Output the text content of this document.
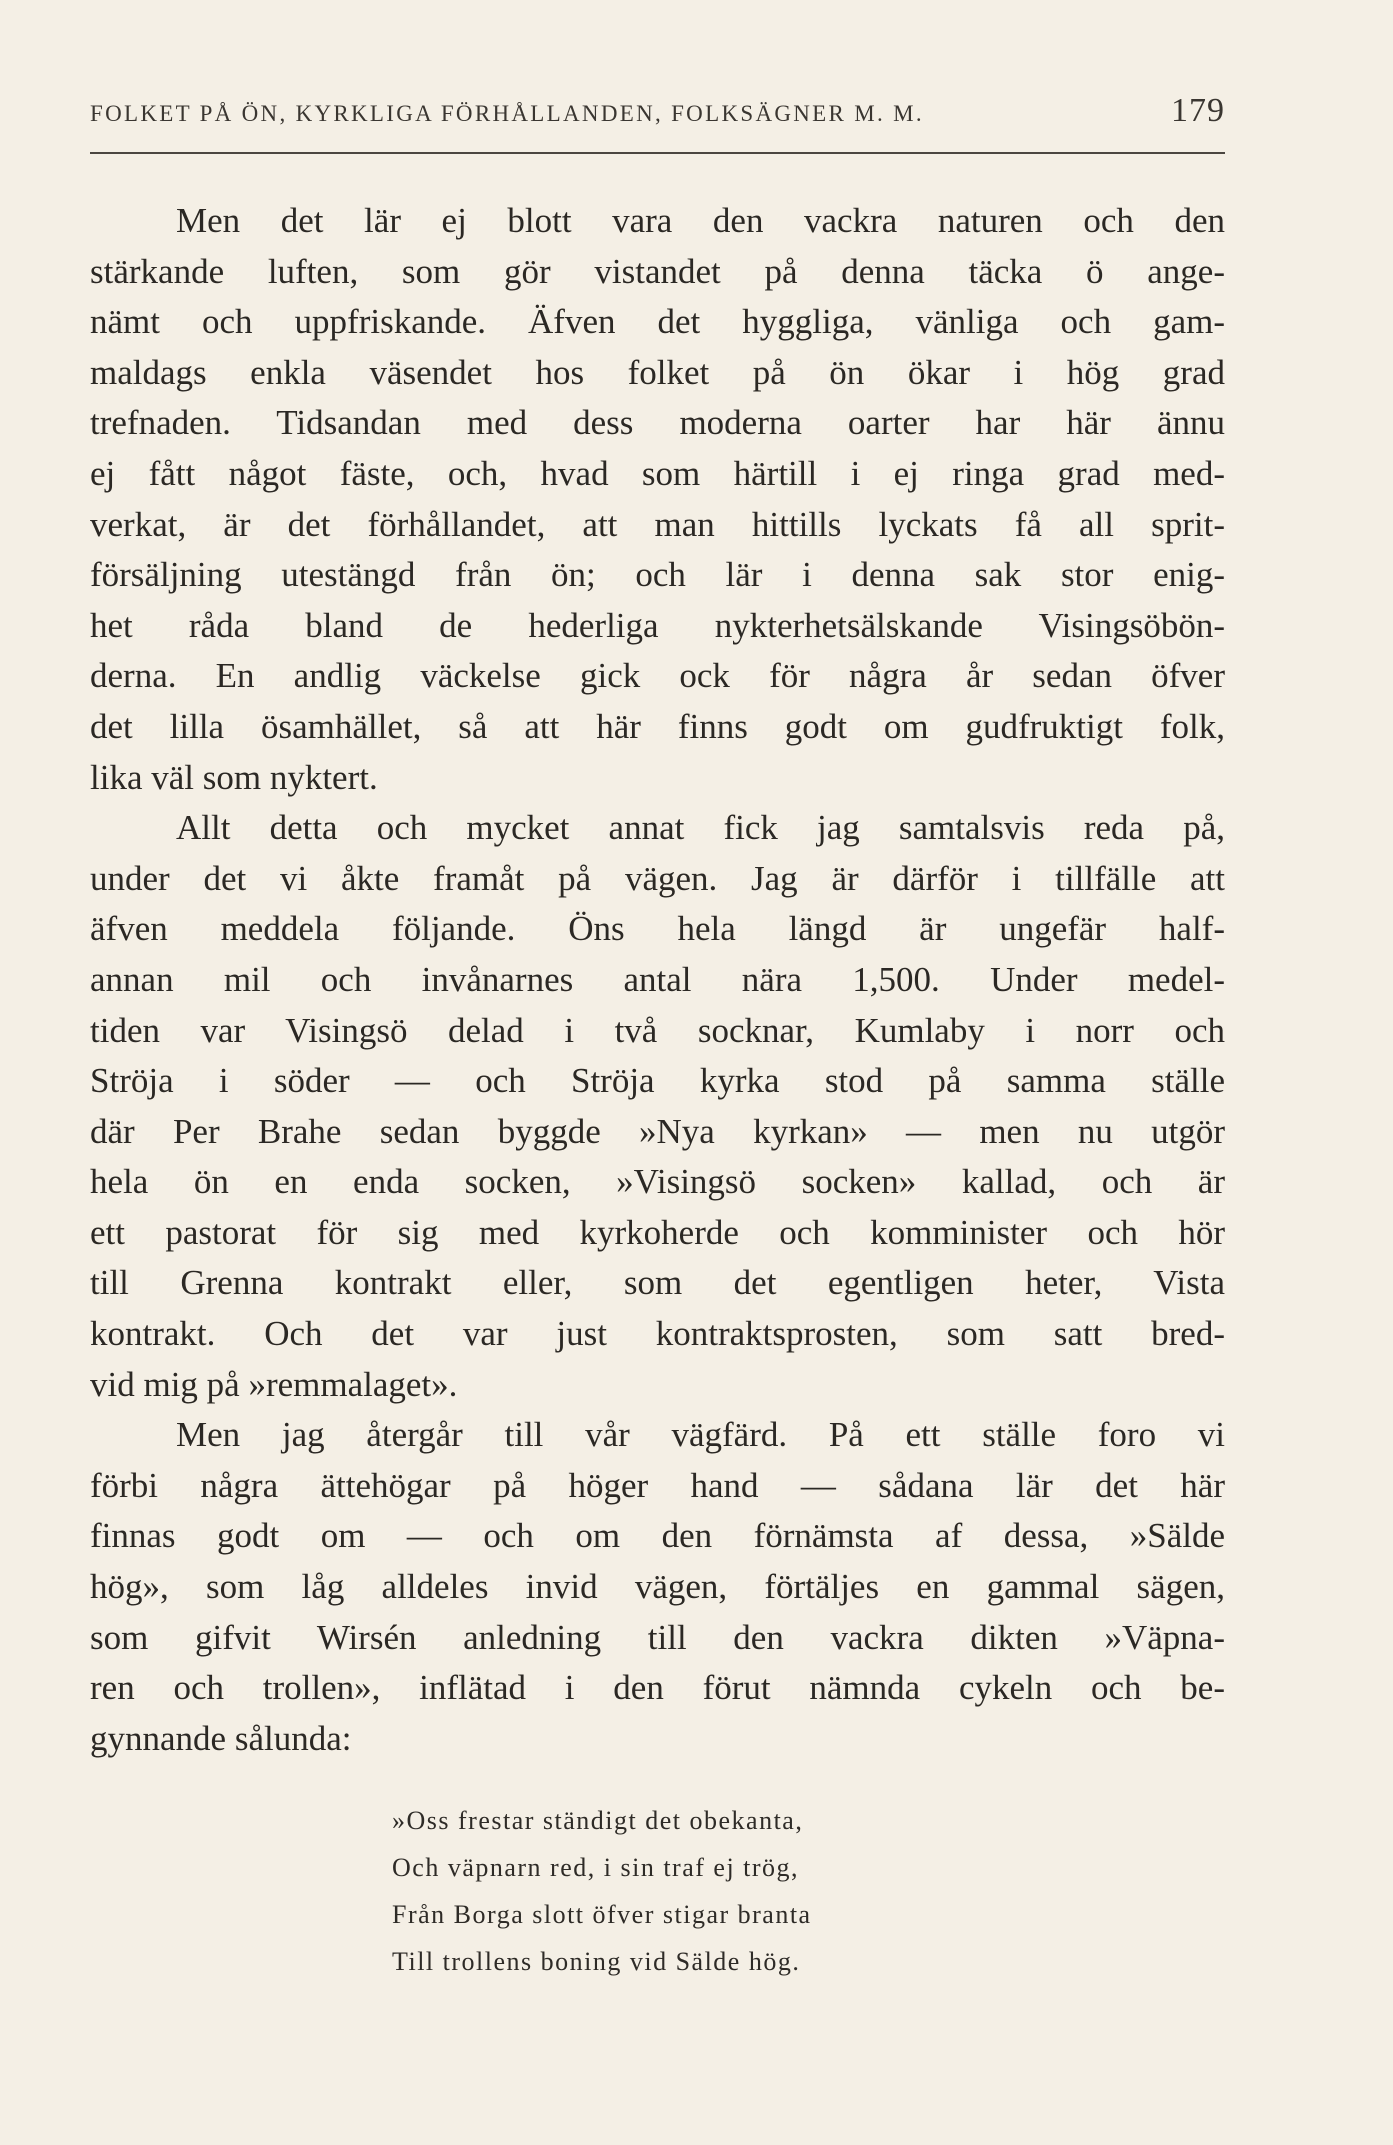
FOLKET PÅ ÖN, KYRKLIGA FÖRHÅLLANDEN, FOLKSÄGNER M. M.	179
Men det lär ej blott vara den vackra naturen och den
stärkande luften, som gör vistandet på denna täcka ö ange-
nämt och uppfriskande. Äfven det hyggliga, vänliga och gam-
maldags enkla väsendet hos folket på ön ökar i hög grad
trefnaden. Tidsandan med dess moderna oarter har här ännu
ej fått något fäste, och, hvad som härtill i ej ringa grad med-
verkat, är det förhållandet, att man hittills lyckats få all sprit-
försäljning utestängd från ön; och lär i denna sak stor enig-
het råda bland de hederliga nykterhetsälskande Visingsöbön-
derna. En andlig väckelse gick ock för några år sedan öfver
det lilla ösamhället, så att här finns godt om gudfruktigt folk,
lika väl som nyktert.
Allt detta och mycket annat fick jag samtalsvis reda på,
under det vi åkte framåt på vägen. Jag är därför i tillfälle att
äfven meddela följande. Öns hela längd är ungefär half-
annan mil och invånarnes antal nära 1,500. Under medel-
tiden var Visingsö delad i två socknar, Kumlaby i norr och
Ströja i söder — och Ströja kyrka stod på samma ställe
där Per Brahe sedan byggde »Nya kyrkan» — men nu utgör
hela ön en enda socken, »Visingsö socken» kallad, och är
ett pastorat för sig med kyrkoherde och komminister och hör
till Grenna kontrakt eller, som det egentligen heter, Vista
kontrakt. Och det var just kontraktsprosten, som satt bred-
vid mig på »remmalaget».
Men jag återgår till vår vägfärd. På ett ställe foro vi
förbi några ättehögar på höger hand — sådana lär det här
finnas godt om — och om den förnämsta af dessa, »Sälde
hög», som låg alldeles invid vägen, förtäljes en gammal sägen,
som gifvit Wirsén anledning till den vackra dikten »Väpna-
ren och trollen», inflätad i den förut nämnda cykeln och be-
gynnande sålunda:
»Oss frestar ständigt det obekanta,
Och väpnarn red, i sin traf ej trög,
Från Borga slott öfver stigar branta
Till trollens boning vid Sälde hög.
